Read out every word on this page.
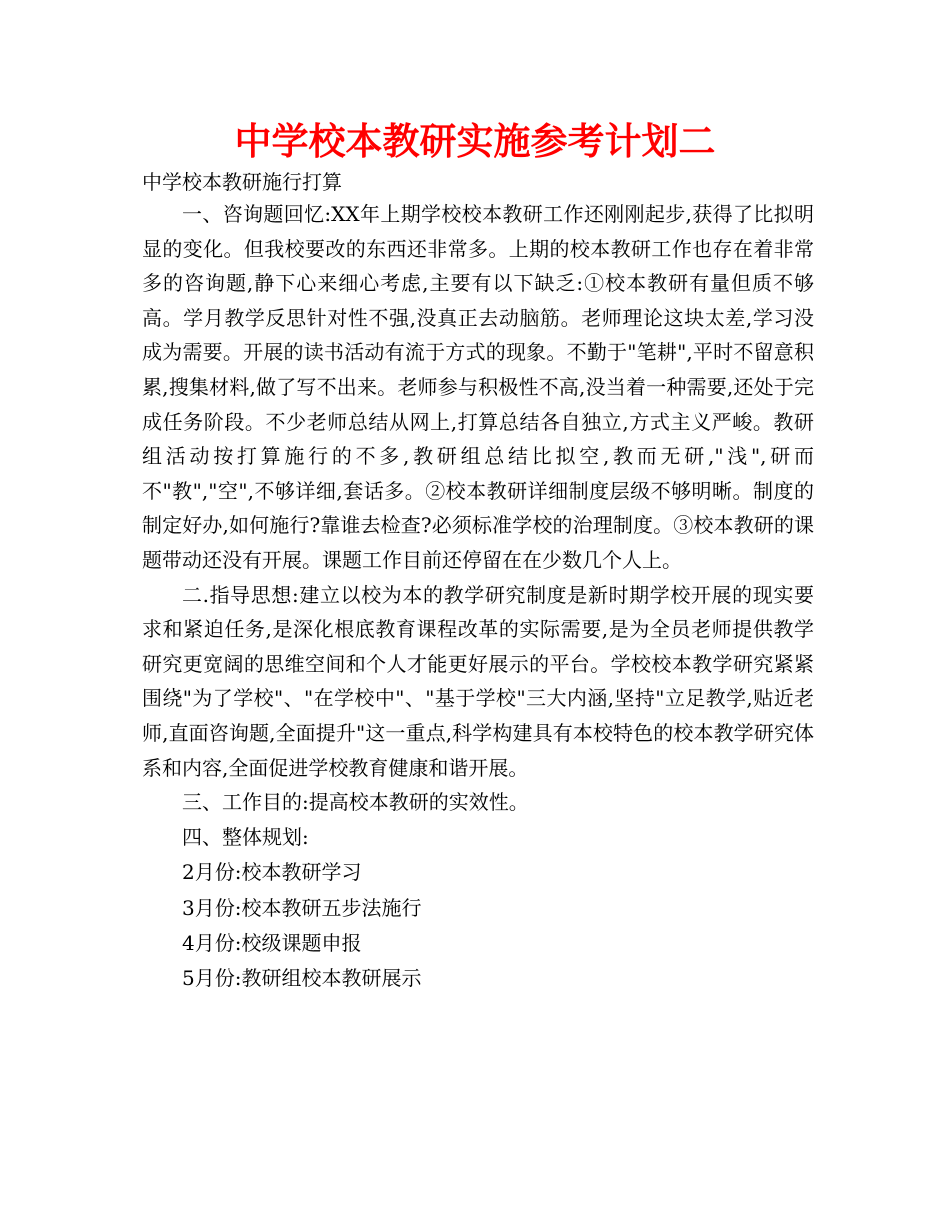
中学校本教研实施参考计划二

中学校本教研施行打算

一、咨询题回忆:XX年上期学校校本教研工作还刚刚起步,获得了比拟明显的变化。但我校要改的东西还非常多。上期的校本教研工作也存在着非常多的咨询题,静下心来细心考虑,主要有以下缺乏:①校本教研有量但质不够高。学月教学反思针对性不强,没真正去动脑筋。老师理论这块太差,学习没成为需要。开展的读书活动有流于方式的现象。不勤于"笔耕",平时不留意积累,搜集材料,做了写不出来。老师参与积极性不高,没当着一种需要,还处于完成任务阶段。不少老师总结从网上,打算总结各自独立,方式主义严峻。教研组活动按打算施行的不多,教研组总结比拟空,教而无研,"浅",研而不"教","空",不够详细,套话多。②校本教研详细制度层级不够明晰。制度的制定好办,如何施行?靠谁去检查?必须标准学校的治理制度。③校本教研的课题带动还没有开展。课题工作目前还停留在在少数几个人上。

二.指导思想:建立以校为本的教学研究制度是新时期学校开展的现实要求和紧迫任务,是深化根底教育课程改革的实际需要,是为全员老师提供教学研究更宽阔的思维空间和个人才能更好展示的平台。学校校本教学研究紧紧围绕"为了学校"、"在学校中"、"基于学校"三大内涵,坚持"立足教学,贴近老师,直面咨询题,全面提升"这一重点,科学构建具有本校特色的校本教学研究体系和内容,全面促进学校教育健康和谐开展。

三、工作目的:提高校本教研的实效性。

四、整体规划:

2月份:校本教研学习

3月份:校本教研五步法施行

4月份:校级课题申报

5月份:教研组校本教研展示
